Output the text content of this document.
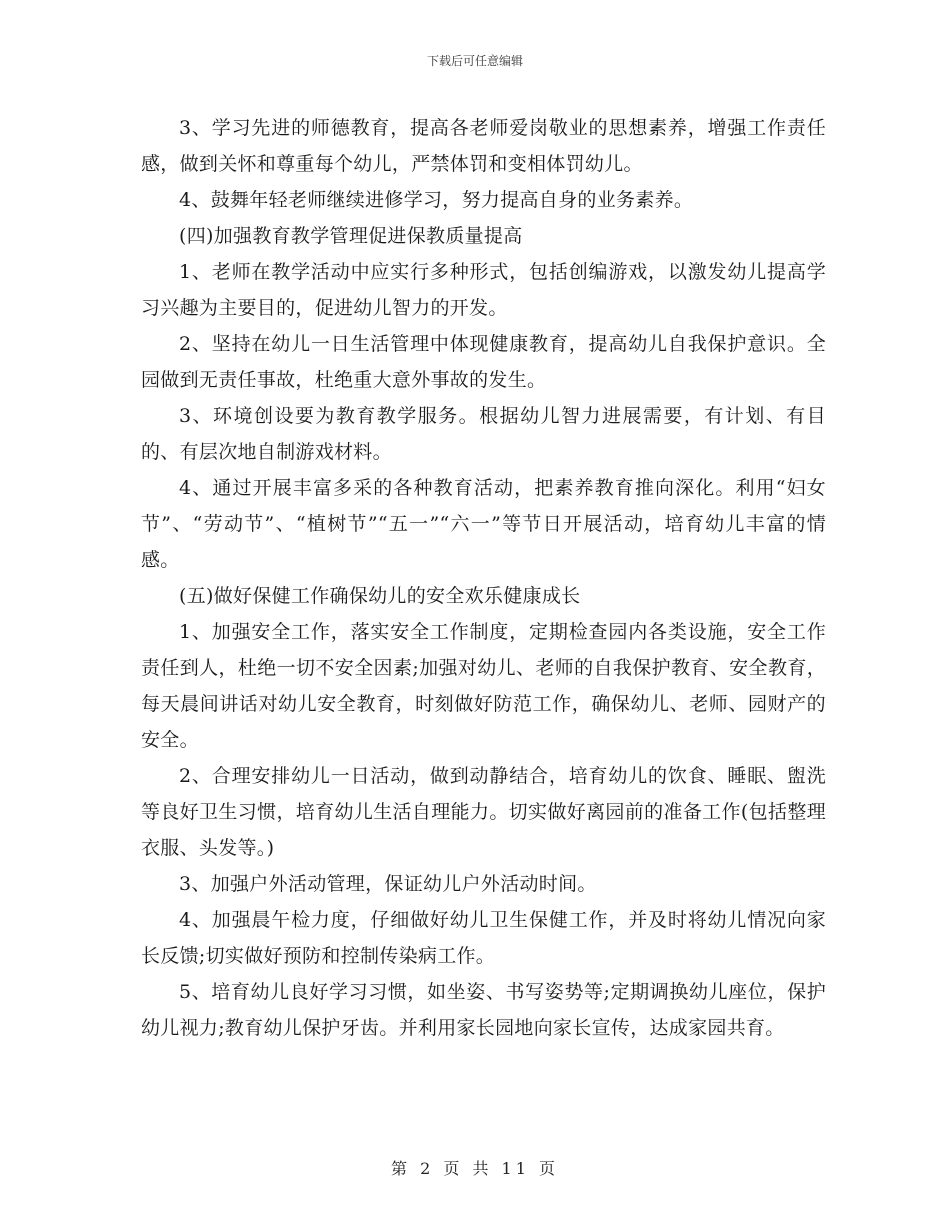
下载后可任意编辑

3、学习先进的师德教育，提高各老师爱岗敬业的思想素养，增强工作责任感，做到关怀和尊重每个幼儿，严禁体罚和变相体罚幼儿。

4、鼓舞年轻老师继续进修学习，努力提高自身的业务素养。

(四)加强教育教学管理促进保教质量提高

1、老师在教学活动中应实行多种形式，包括创编游戏，以激发幼儿提高学习兴趣为主要目的，促进幼儿智力的开发。

2、坚持在幼儿一日生活管理中体现健康教育，提高幼儿自我保护意识。全园做到无责任事故，杜绝重大意外事故的发生。

3、环境创设要为教育教学服务。根据幼儿智力进展需要，有计划、有目的、有层次地自制游戏材料。

4、通过开展丰富多采的各种教育活动，把素养教育推向深化。利用“妇女节”、“劳动节”、“植树节”“五一”“六一”等节日开展活动，培育幼儿丰富的情感。

(五)做好保健工作确保幼儿的安全欢乐健康成长

1、加强安全工作，落实安全工作制度，定期检查园内各类设施，安全工作责任到人，杜绝一切不安全因素;加强对幼儿、老师的自我保护教育、安全教育，每天晨间讲话对幼儿安全教育，时刻做好防范工作，确保幼儿、老师、园财产的安全。

2、合理安排幼儿一日活动，做到动静结合，培育幼儿的饮食、睡眠、盥洗等良好卫生习惯，培育幼儿生活自理能力。切实做好离园前的准备工作(包括整理衣服、头发等。)

3、加强户外活动管理，保证幼儿户外活动时间。

4、加强晨午检力度，仔细做好幼儿卫生保健工作，并及时将幼儿情况向家长反馈;切实做好预防和控制传染病工作。

5、培育幼儿良好学习习惯，如坐姿、书写姿势等;定期调换幼儿座位，保护幼儿视力;教育幼儿保护牙齿。并利用家长园地向家长宣传，达成家园共育。

第 2 页 共 11 页
